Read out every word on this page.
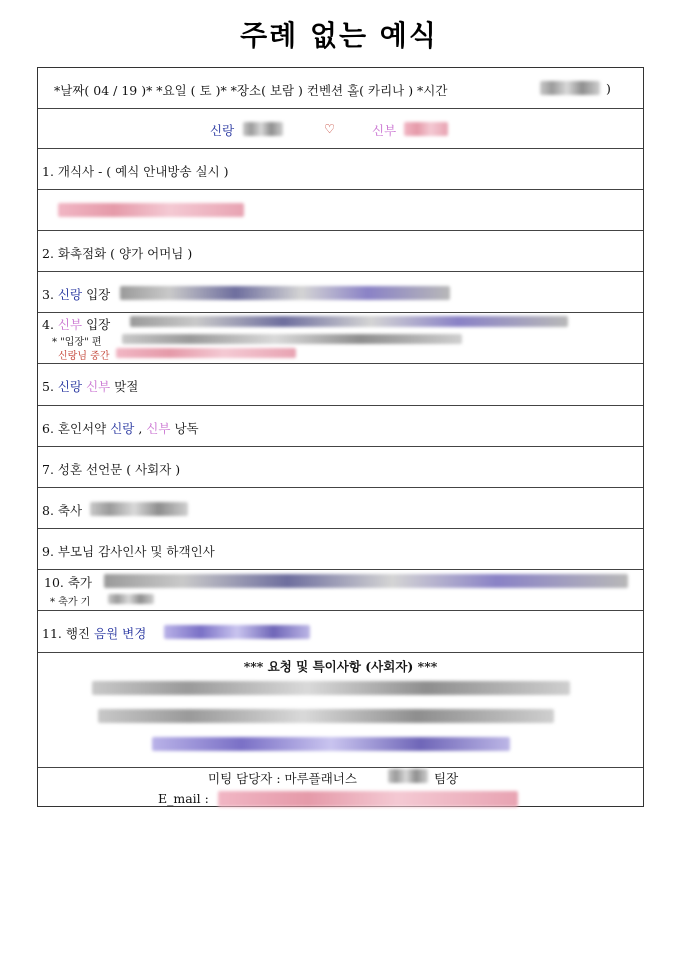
주례 없는 예식
*날짜( 04 / 19 )* *요일 ( 토 )* *장소( 보람 ) 컨벤션 홀( 카리나 ) *시간	)
신랑	♡	신부
1. 개식사 - ( 예식 안내방송 실시 )
2. 화촉점화 ( 양가 어머님 )
3. 신랑 입장
4. 신부 입장
* "입장" 편
신랑님 중간
5. 신랑 신부 맞절
6. 혼인서약 신랑 , 신부 낭독
7. 성혼 선언문 ( 사회자 )
8. 축사
9. 부모님 감사인사 및 하객인사
10. 축가
* 축가 기
11. 행진 음원 변경
*** 요청 및 특이사항 (사회자) ***
미팅 담당자 : 마루플래너스	팀장
E_mail :
